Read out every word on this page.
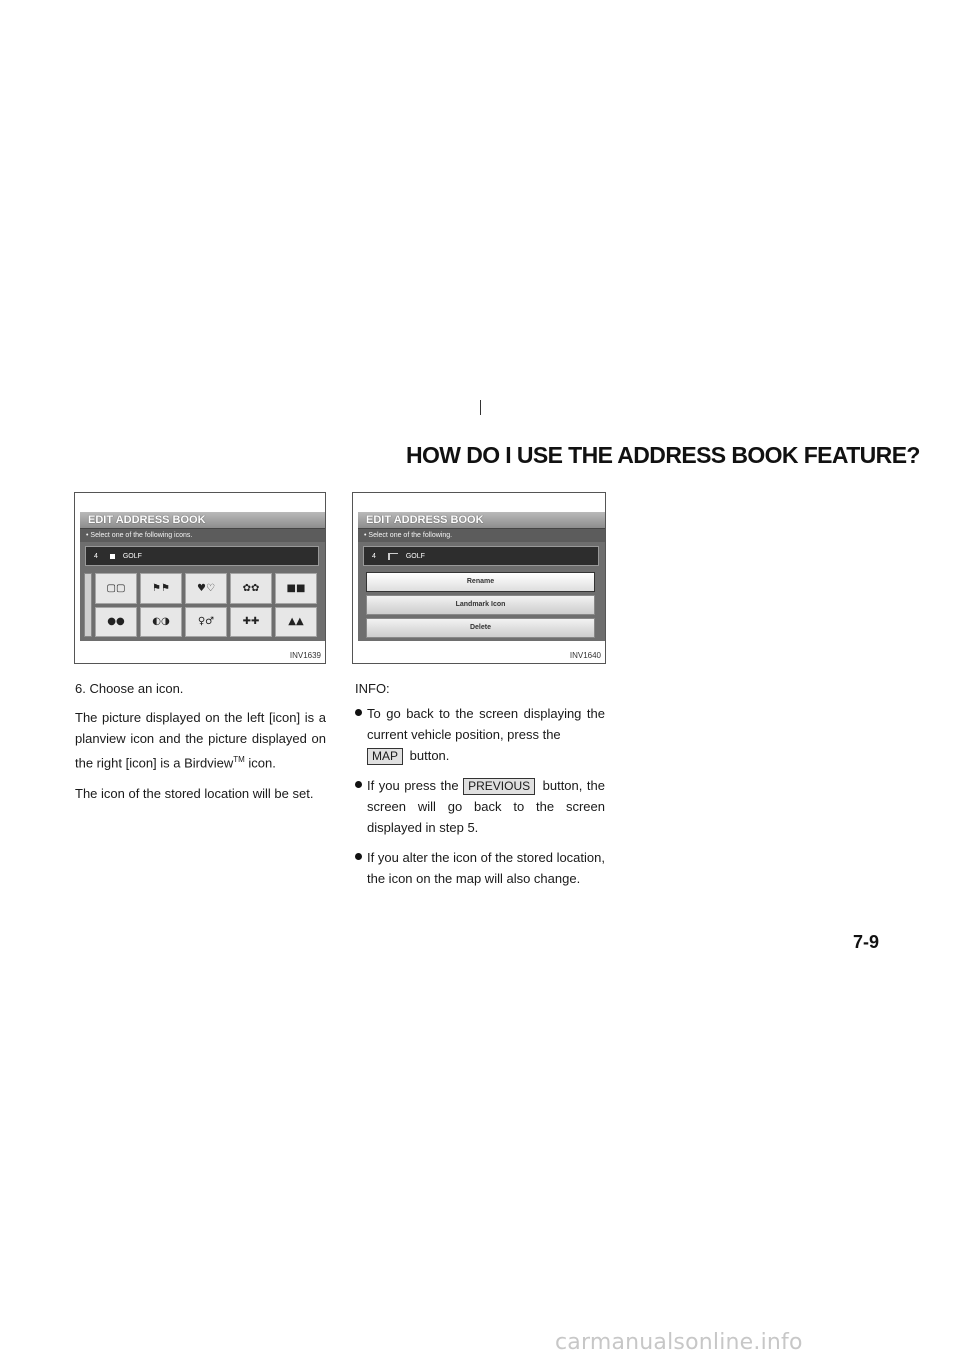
HOW DO I USE THE ADDRESS BOOK FEATURE?
EDIT ADDRESS BOOK
• Select one of the following icons.
4	GOLF
▢▢	⚑⚑	♥♡	✿✿	■■
●●	◐◑	♀♂	✚✚	▲▲
INV1639
EDIT ADDRESS BOOK
• Select one of the following.
4	GOLF
Rename
Landmark Icon
Delete
INV1640

6. Choose an icon.

The picture displayed on the left [icon] is a planview icon and the picture displayed on the right [icon] is a Birdview™ icon.

The icon of the stored location will be set.

INFO:

To go back to the screen displaying the current vehicle position, press the
MAP button.
If you press the PREVIOUS button, the screen will go back to the screen displayed in step 5.
If you alter the icon of the stored location, the icon on the map will also change.
7-9
carmanualsonline.info
